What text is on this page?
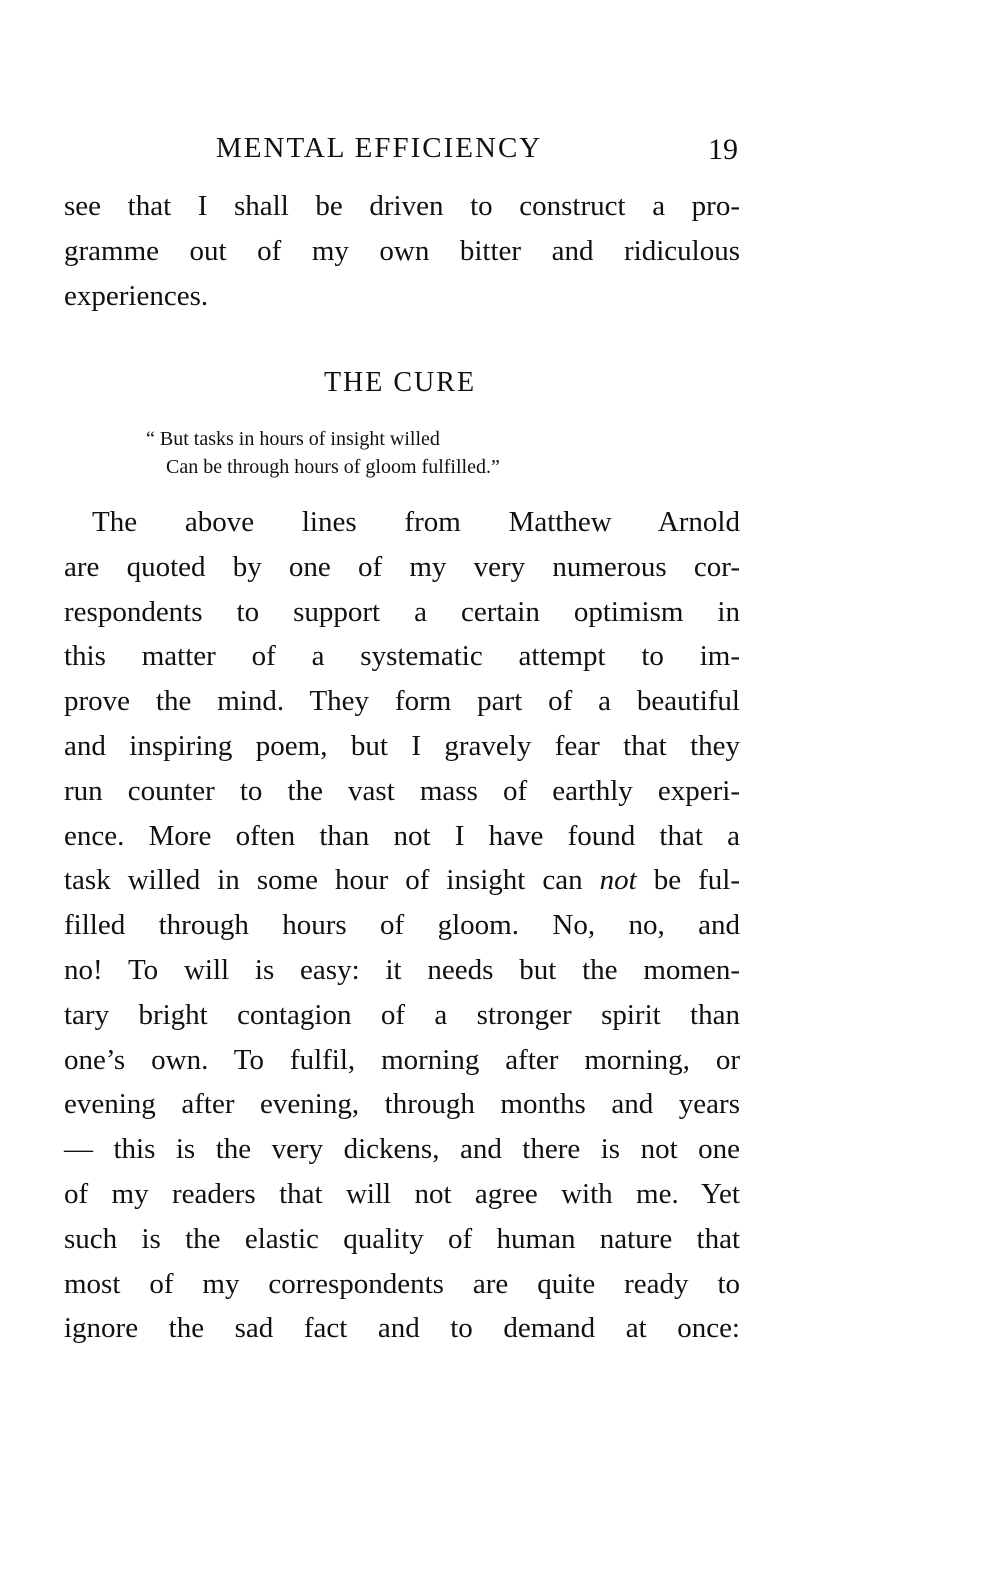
MENTAL EFFICIENCY	19
see that I shall be driven to construct a pro-
gramme out of my own bitter and ridiculous
experiences.
THE CURE
“ But tasks in hours of insight willed
Can be through hours of gloom fulfilled.”
The above lines from Matthew Arnold
are quoted by one of my very numerous cor-
respondents to support a certain optimism in
this matter of a systematic attempt to im-
prove the mind. They form part of a beautiful
and inspiring poem, but I gravely fear that they
run counter to the vast mass of earthly experi-
ence. More often than not I have found that a
task willed in some hour of insight can not be ful-
filled through hours of gloom. No, no, and
no! To will is easy: it needs but the momen-
tary bright contagion of a stronger spirit than
one’s own. To fulfil, morning after morning, or
evening after evening, through months and years
— this is the very dickens, and there is not one
of my readers that will not agree with me. Yet
such is the elastic quality of human nature that
most of my correspondents are quite ready to
ignore the sad fact and to demand at once:
